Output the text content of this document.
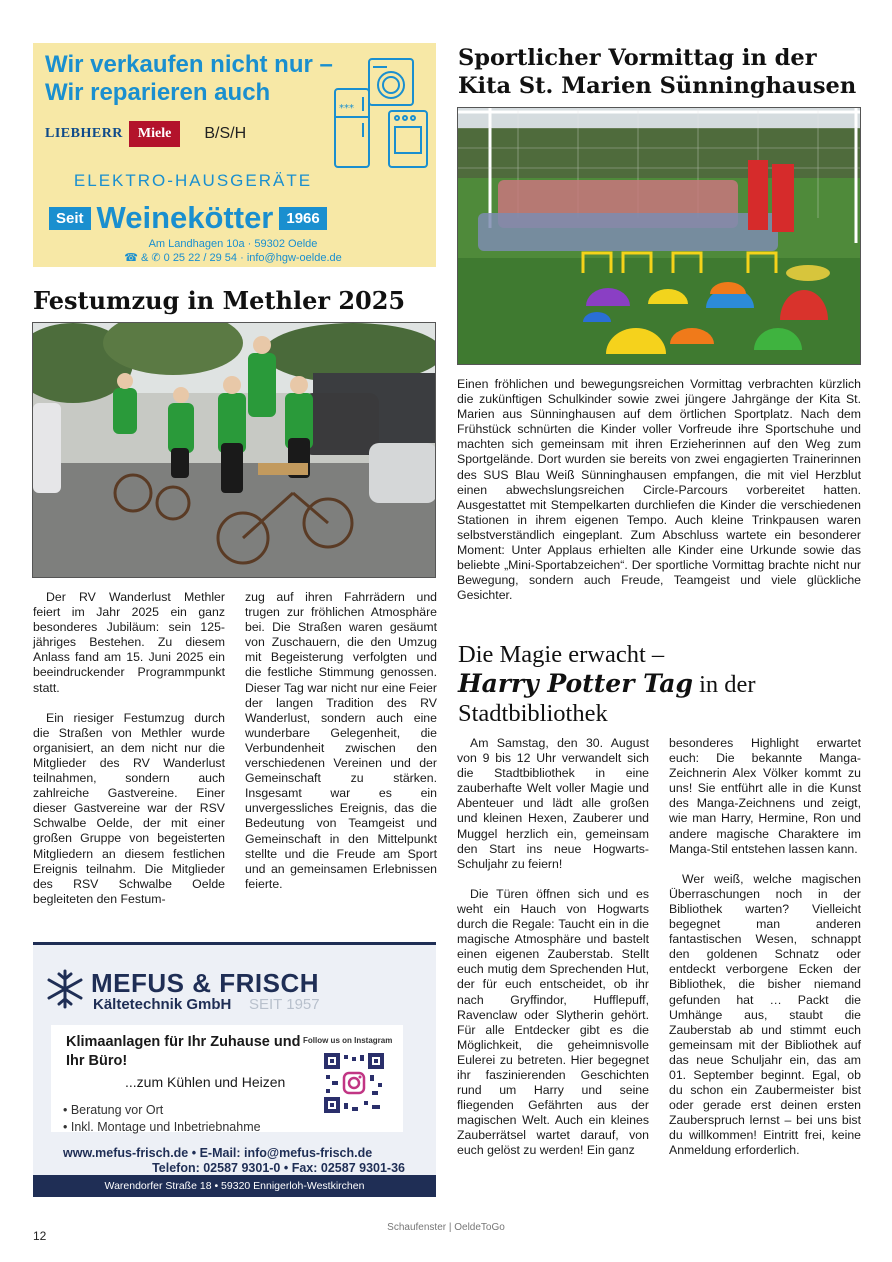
Wir verkaufen nicht nur –
Wir reparieren auch
***
LIEBHERR	Miele	B/S/H
ELEKTRO-HAUSGERÄTE
Seit Weinekötter 1966
Am Landhagen 10a · 59302 Oelde
☎ & ✆ 0 25 22 / 29 54 · info@hgw-oelde.de
Sportlicher Vormittag in der
Kita St. Marien Sünninghausen

Einen fröhlichen und bewegungsreichen Vormittag verbrachten kürzlich die zukünftigen Schulkinder sowie zwei jüngere Jahrgänge der Kita St. Marien aus Sünninghausen auf dem örtlichen Sportplatz. Nach dem Frühstück schnürten die Kinder voller Vorfreude ihre Sportschuhe und machten sich gemeinsam mit ihren Erzieherinnen auf den Weg zum Sportgelände. Dort wurden sie bereits von zwei engagierten Trainerinnen des SUS Blau Weiß Sünninghausen empfangen, die mit viel Herzblut einen abwechslungsreichen Circle-Parcours vorbereitet hatten. Ausgestattet mit Stempelkarten durchliefen die Kinder die verschiedenen Stationen in ihrem eigenen Tempo. Auch kleine Trinkpausen waren selbstverständlich eingeplant. Zum Abschluss wartete ein besonderer Moment: Unter Applaus erhielten alle Kinder eine Urkunde sowie das beliebte „Mini-Sportabzeichen“. Der sportliche Vormittag brachte nicht nur Bewegung, sondern auch Freude, Teamgeist und viele glückliche Gesichter.

Festumzug in Methler 2025

Der RV Wanderlust Methler feiert im Jahr 2025 ein ganz besonderes Jubiläum: sein 125-jähriges Bestehen. Zu diesem Anlass fand am 15. Juni 2025 ein beeindruckender Programmpunkt statt.

Ein riesiger Festumzug durch die Straßen von Methler wurde organisiert, an dem nicht nur die Mitglieder des RV Wanderlust teilnahmen, sondern auch zahlreiche Gastvereine. Einer dieser Gastvereine war der RSV Schwalbe Oelde, der mit einer großen Gruppe von begeisterten Mitgliedern an diesem festlichen Ereignis teilnahm. Die Mitglieder des RSV Schwalbe Oelde begleiteten den Festum-

zug auf ihren Fahrrädern und trugen zur fröhlichen Atmosphäre bei. Die Straßen waren gesäumt von Zuschauern, die den Umzug mit Begeisterung verfolgten und die festliche Stimmung genossen. Dieser Tag war nicht nur eine Feier der langen Tradition des RV Wanderlust, sondern auch eine wunderbare Gelegenheit, die Verbundenheit zwischen den verschiedenen Vereinen und der Gemeinschaft zu stärken. Insgesamt war es ein unvergessliches Ereignis, das die Bedeutung von Teamgeist und Gemeinschaft in den Mittelpunkt stellte und die Freude am Sport und an gemeinsamen Erlebnissen feierte.

MEFUS & FRISCH
Kältetechnik GmbH SEIT 1957
Klimaanlagen für Ihr Zuhause und Ihr Büro!
...zum Kühlen und Heizen
• Beratung vor Ort
• Inkl. Montage und Inbetriebnahme
Follow us on Instagram
www.mefus-frisch.de • E-Mail: info@mefus-frisch.de
Telefon: 02587 9301-0 • Fax: 02587 9301-36
Warendorfer Straße 18 • 59320 Ennigerloh-Westkirchen
Die Magie erwacht –
Harry Potter Tag in der
Stadtbibliothek

Am Samstag, den 30. August von 9 bis 12 Uhr verwandelt sich die Stadtbibliothek in eine zauberhafte Welt voller Magie und Abenteuer und lädt alle großen und kleinen Hexen, Zauberer und Muggel herzlich ein, gemeinsam den Start ins neue Hogwarts-Schuljahr zu feiern!

Die Türen öffnen sich und es weht ein Hauch von Hogwarts durch die Regale: Taucht ein in die magische Atmosphäre und bastelt einen eigenen Zauberstab. Stellt euch mutig dem Sprechenden Hut, der für euch entscheidet, ob ihr nach Gryffindor, Hufflepuff, Ravenclaw oder Slytherin gehört. Für alle Entdecker gibt es die Möglichkeit, die geheimnisvolle Eulerei zu betreten. Hier begegnet ihr faszinierenden Geschichten rund um Harry und seine fliegenden Gefährten aus der magischen Welt. Auch ein kleines Zauberrätsel wartet darauf, von euch gelöst zu werden! Ein ganz

besonderes Highlight erwartet euch: Die bekannte Manga-Zeichnerin Alex Völker kommt zu uns! Sie entführt alle in die Kunst des Manga-Zeichnens und zeigt, wie man Harry, Hermine, Ron und andere magische Charaktere im Manga-Stil entstehen lassen kann.

Wer weiß, welche magischen Überraschungen noch in der Bibliothek warten? Vielleicht begegnet man anderen fantastischen Wesen, schnappt den goldenen Schnatz oder entdeckt verborgene Ecken der Bibliothek, die bisher niemand gefunden hat … Packt die Umhänge aus, staubt die Zauberstab ab und stimmt euch gemeinsam mit der Bibliothek auf das neue Schuljahr ein, das am 01. September beginnt. Egal, ob du schon ein Zaubermeister bist oder gerade erst deinen ersten Zauberspruch lernst – bei uns bist du willkommen! Eintritt frei, keine Anmeldung erforderlich.

12
Schaufenster | OeldeToGo
